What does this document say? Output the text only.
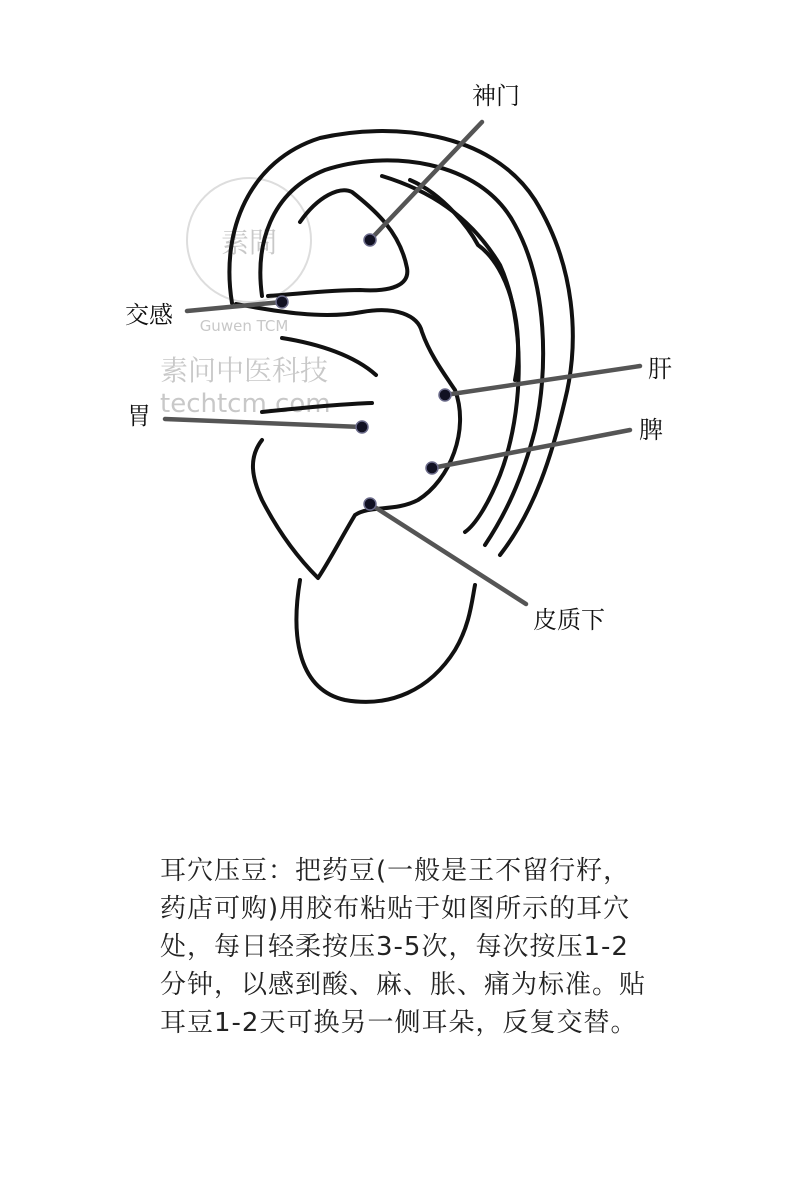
素問
Guwen TCM
素问中医科技
techtcm.com
神门
交感
肝
胃	脾
皮质下

耳穴压豆：把药豆(一般是王不留行籽，药店可购)用胶布粘贴于如图所示的耳穴处，每日轻柔按压3-5次，每次按压1-2分钟，以感到酸、麻、胀、痛为标准。贴耳豆1-2天可换另一侧耳朵，反复交替。
